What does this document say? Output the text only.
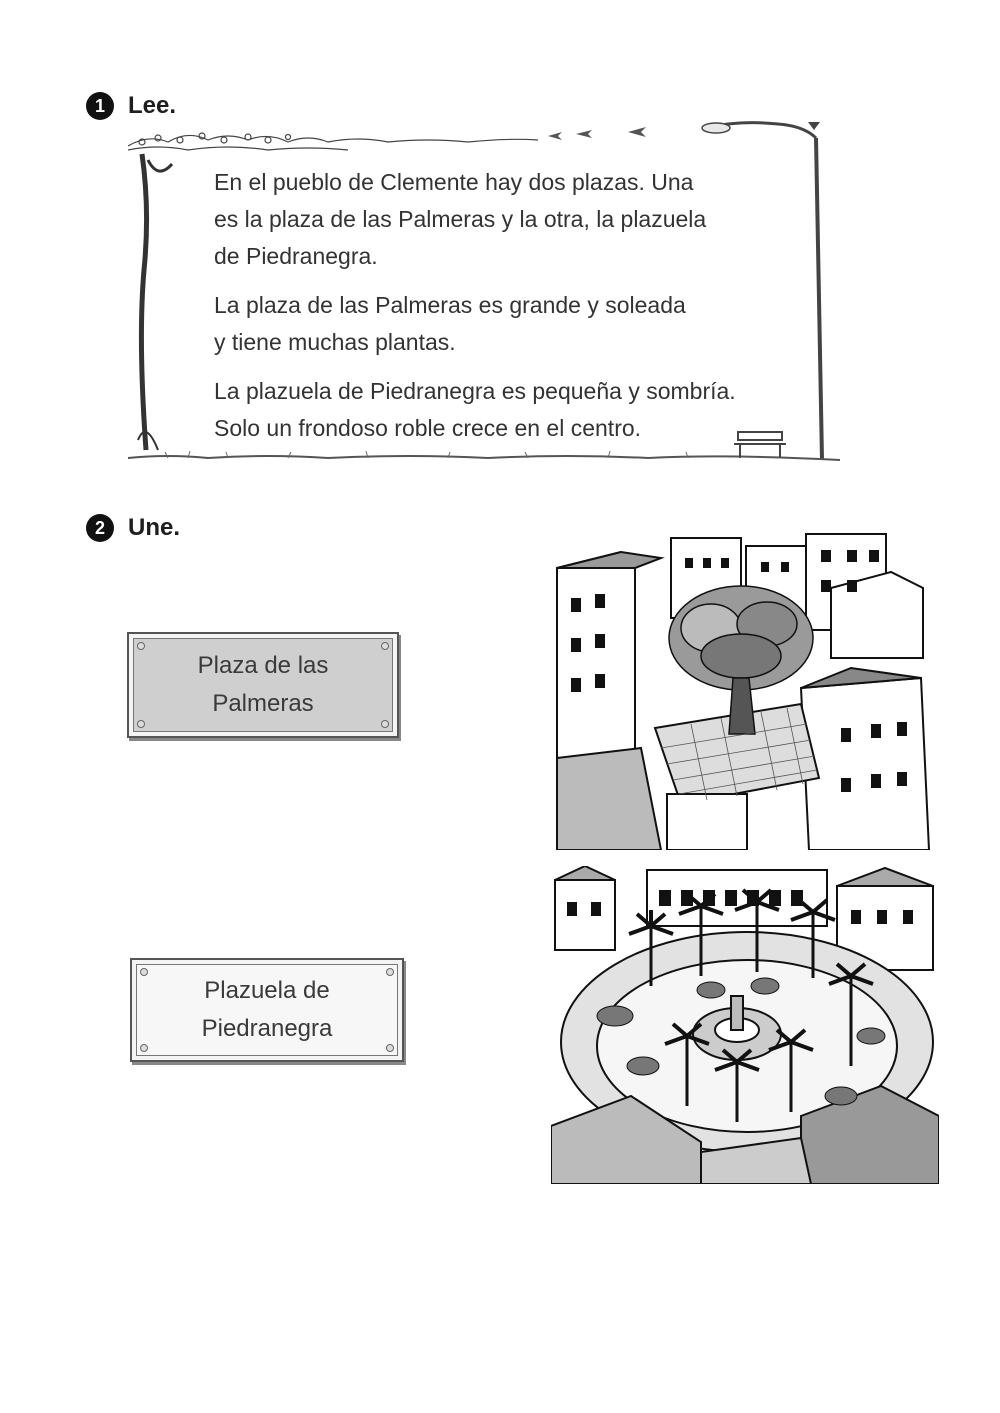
1 Lee.

En el pueblo de Clemente hay dos plazas. Una
es la plaza de las Palmeras y la otra, la plazuela
de Piedranegra.

La plaza de las Palmeras es grande y soleada
y tiene muchas plantas.

La plazuela de Piedranegra es pequeña y sombría.
Solo un frondoso roble crece en el centro.

2 Une.
Plaza de las
Palmeras
Plazuela de
Piedranegra
